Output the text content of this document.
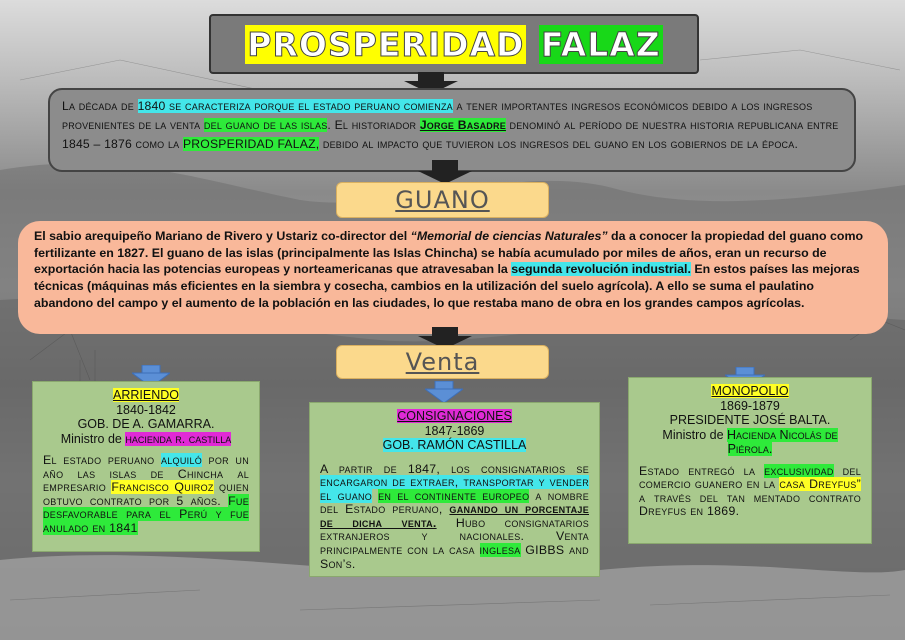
PROSPERIDAD FALAZ
La década de 1840 se caracteriza porque el estado peruano comienza a tener importantes ingresos económicos debido a los ingresos provenientes de la venta del guano de las islas. El historiador Jorge Basadre denominó al período de nuestra historia republicana entre 1845 – 1876 como la PROSPERIDAD FALAZ, debido al impacto que tuvieron los ingresos del guano en los gobiernos de la época.
GUANO
El sabio arequipeño Mariano de Rivero y Ustariz co-director del “Memorial de ciencias Naturales” da a conocer la propiedad del guano como fertilizante en 1827. El guano de las islas (principalmente las Islas Chincha) se había acumulado por miles de años, eran un recurso de exportación hacia las potencias europeas y norteamericanas que atravesaban la segunda revolución industrial. En estos países las mejoras técnicas (máquinas más eficientes en la siembra y cosecha, cambios en la utilización del suelo agrícola). A ello se suma el paulatino abandono del campo y el aumento de la población en las ciudades, lo que restaba mano de obra en los grandes campos agrícolas.
Venta
ARRIENDO
1840-1842
GOB. DE A. GAMARRA.
Ministro de hacienda r. castilla
El estado peruano alquiló por un año las islas de Chincha al empresario Francisco Quiroz quien obtuvo contrato por 5 años. Fue desfavorable para el Perú y fue anulado en 1841
CONSIGNACIONES
1847-1869
GOB. RAMÓN CASTILLA
A partir de 1847, los consignatarios se encargaron de extraer, transportar y vender el guano en el continente europeo a nombre del Estado peruano, ganando un porcentaje de dicha venta. Hubo consignatarios extranjeros y nacionales. Venta principalmente con la casa inglesa GIBBS and Son’s.
MONOPOLIO
1869-1879
PRESIDENTE JOSÉ BALTA.
Ministro de Hacienda Nicolás de Piérola.
Estado entregó la exclusividad del comercio guanero en la casa Dreyfus” a través del tan mentado contrato Dreyfus en 1869.
